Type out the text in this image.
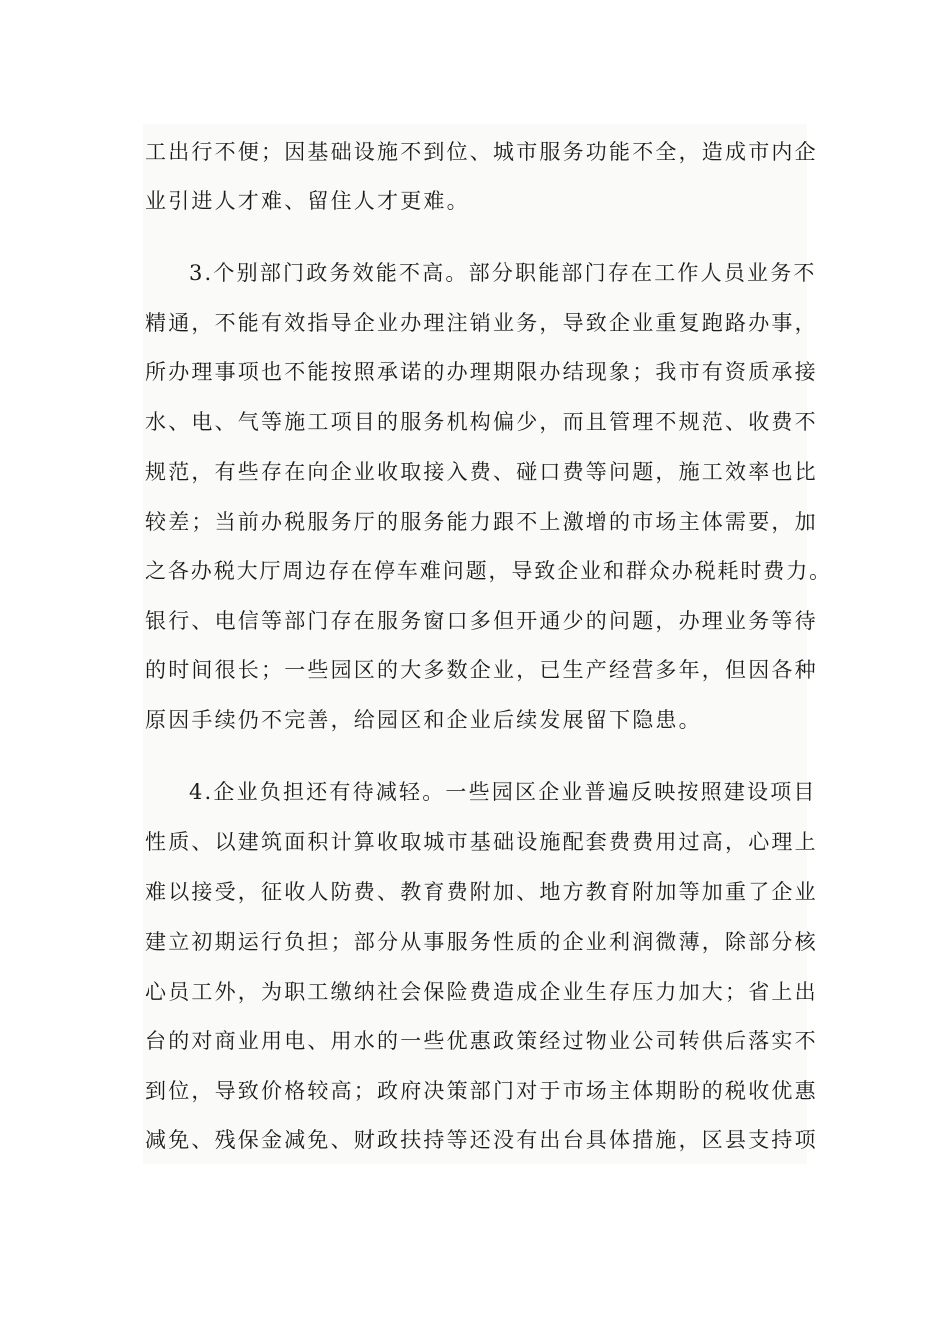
工出行不便；因基础设施不到位、城市服务功能不全，造成市内企
业引进人才难、留住人才更难。
3.个别部门政务效能不高。部分职能部门存在工作人员业务不
精通，不能有效指导企业办理注销业务，导致企业重复跑路办事，
所办理事项也不能按照承诺的办理期限办结现象；我市有资质承接
水、电、气等施工项目的服务机构偏少，而且管理不规范、收费不
规范，有些存在向企业收取接入费、碰口费等问题，施工效率也比
较差；当前办税服务厅的服务能力跟不上激增的市场主体需要，加
之各办税大厅周边存在停车难问题，导致企业和群众办税耗时费力。
银行、电信等部门存在服务窗口多但开通少的问题，办理业务等待
的时间很长；一些园区的大多数企业，已生产经营多年，但因各种
原因手续仍不完善，给园区和企业后续发展留下隐患。
4.企业负担还有待减轻。一些园区企业普遍反映按照建设项目
性质、以建筑面积计算收取城市基础设施配套费费用过高，心理上
难以接受，征收人防费、教育费附加、地方教育附加等加重了企业
建立初期运行负担；部分从事服务性质的企业利润微薄，除部分核
心员工外，为职工缴纳社会保险费造成企业生存压力加大；省上出
台的对商业用电、用水的一些优惠政策经过物业公司转供后落实不
到位，导致价格较高；政府决策部门对于市场主体期盼的税收优惠
减免、残保金减免、财政扶持等还没有出台具体措施，区县支持项
